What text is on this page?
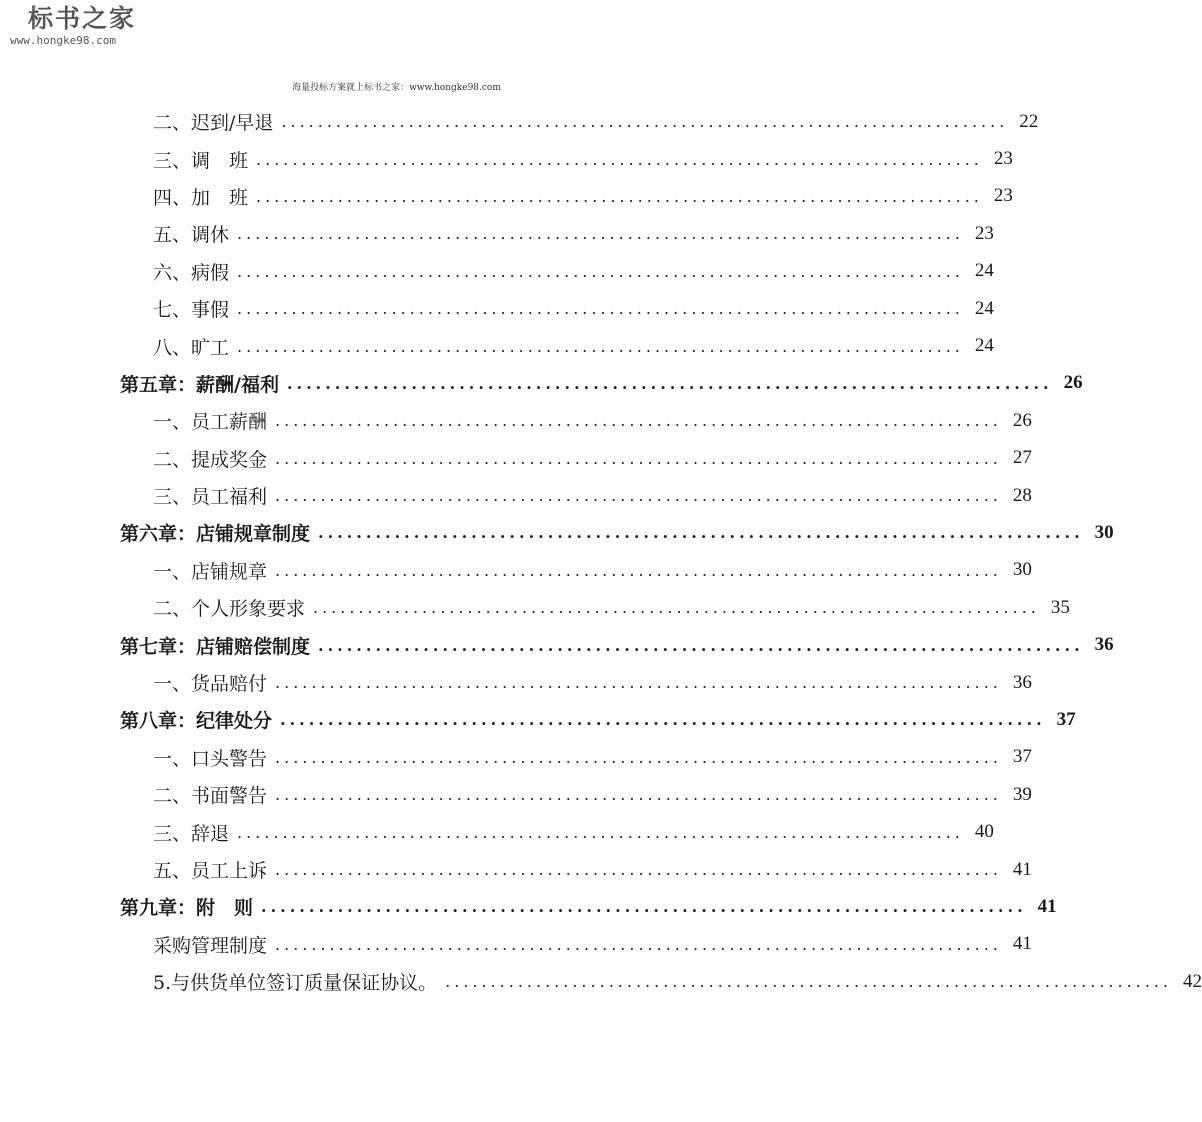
标书之家
www.hongke98.com
海量投标方案就上标书之家：www.hongke98.com
二、迟到/早退 ................................................................................ 22
三、调　班 ................................................................................ 23
四、加　班 ................................................................................ 23
五、调休 ................................................................................ 23
六、病假 ................................................................................ 24
七、事假 ................................................................................ 24
八、旷工 ................................................................................ 24
第五章：薪酬/福利 ................................................................................ 26
一、员工薪酬 ................................................................................ 26
二、提成奖金 ................................................................................ 27
三、员工福利 ................................................................................ 28
第六章：店铺规章制度 ................................................................................ 30
一、店铺规章 ................................................................................ 30
二、个人形象要求 ................................................................................ 35
第七章：店铺赔偿制度 ................................................................................ 36
一、货品赔付 ................................................................................ 36
第八章：纪律处分 ................................................................................ 37
一、口头警告 ................................................................................ 37
二、书面警告 ................................................................................ 39
三、辞退 ................................................................................ 40
五、员工上诉 ................................................................................ 41
第九章：附　则 ................................................................................ 41
采购管理制度 ................................................................................ 41
5.与供货单位签订质量保证协议。 ................................................................................ 42
